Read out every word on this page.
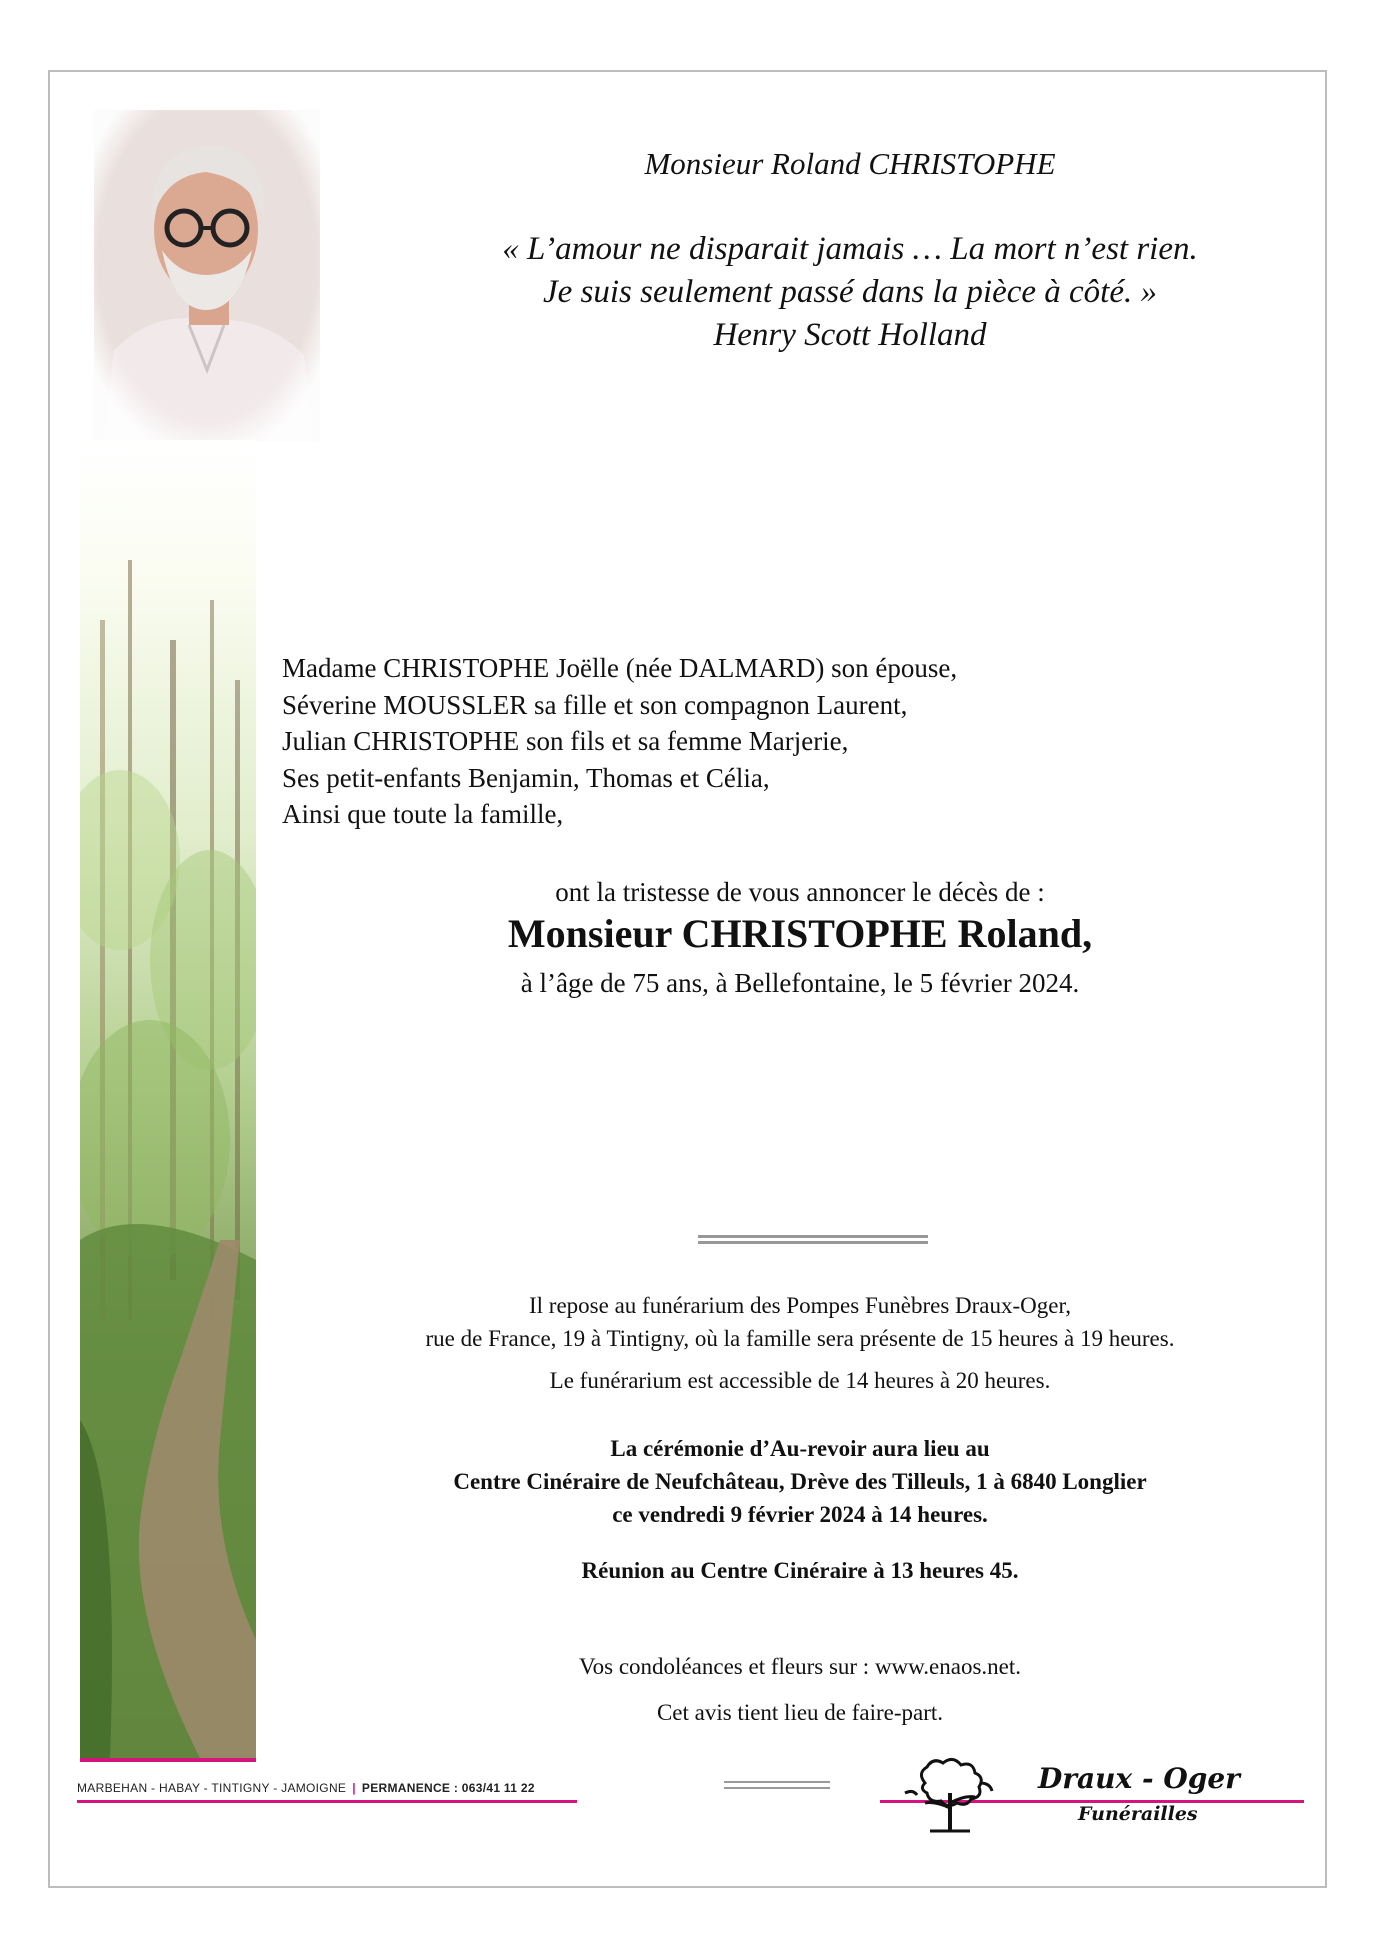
Monsieur Roland CHRISTOPHE
« L’amour ne disparait jamais … La mort n’est rien.
Je suis seulement passé dans la pièce à côté. »
Henry Scott Holland
Madame CHRISTOPHE Joëlle (née DALMARD) son épouse,
Séverine MOUSSLER sa fille et son compagnon Laurent,
Julian CHRISTOPHE son fils et sa femme Marjerie,
Ses petit-enfants Benjamin, Thomas et Célia,
Ainsi que toute la famille,
ont la tristesse de vous annoncer le décès de :
Monsieur CHRISTOPHE Roland,
à l’âge de 75 ans, à Bellefontaine, le 5 février 2024.
Il repose au funérarium des Pompes Funèbres Draux-Oger,
rue de France, 19 à Tintigny, où la famille sera présente de 15 heures à 19 heures.
Le funérarium est accessible de 14 heures à 20 heures.
La cérémonie d’Au-revoir aura lieu au
Centre Cinéraire de Neufchâteau, Drève des Tilleuls, 1 à 6840 Longlier
ce vendredi 9 février 2024 à 14 heures.
Réunion au Centre Cinéraire à 13 heures 45.
Vos condoléances et fleurs sur : www.enaos.net.
Cet avis tient lieu de faire-part.
MARBEHAN - HABAY - TINTIGNY - JAMOIGNE | PERMANENCE : 063/41 11 22	Draux - Oger
Funérailles
